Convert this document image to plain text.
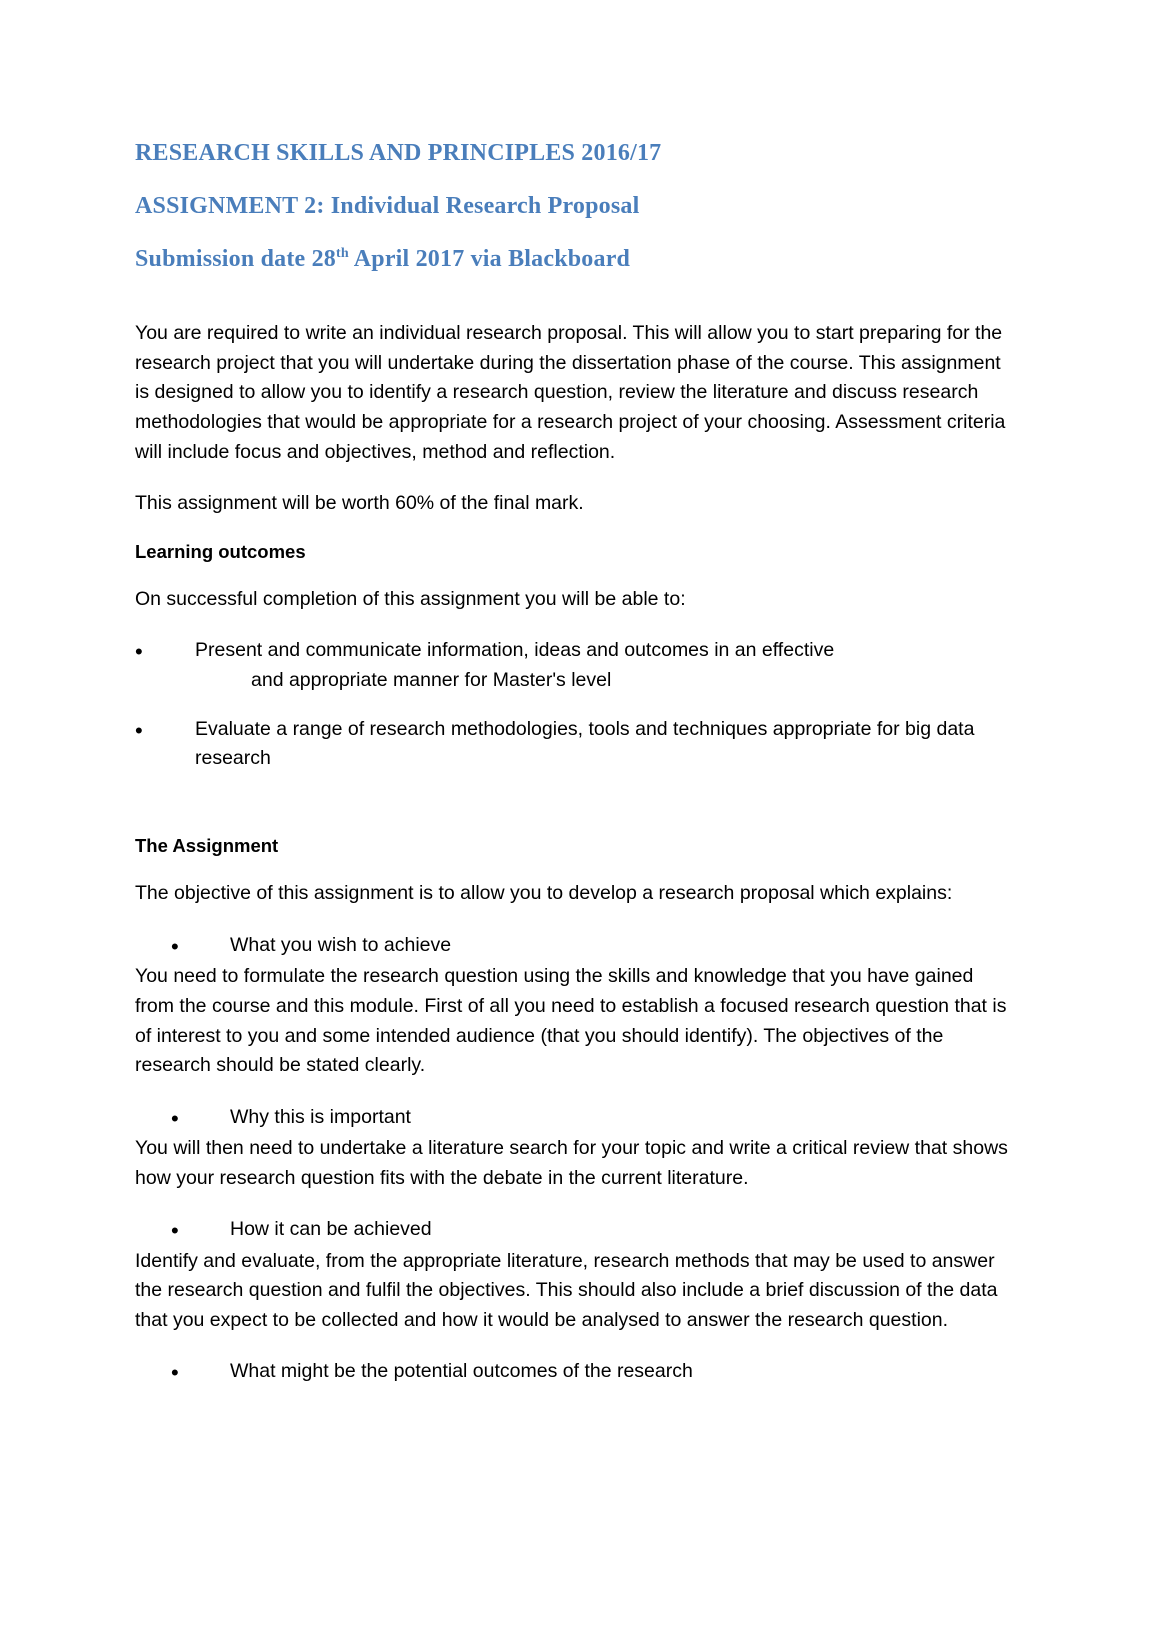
RESEARCH SKILLS AND PRINCIPLES 2016/17
ASSIGNMENT 2: Individual Research Proposal
Submission date 28th April 2017 via Blackboard

You are required to write an individual research proposal. This will allow you to start preparing for the research project that you will undertake during the dissertation phase of the course. This assignment is designed to allow you to identify a research question, review the literature and discuss research methodologies that would be appropriate for a research project of your choosing. Assessment criteria will include focus and objectives, method and reflection.

This assignment will be worth 60% of the final mark.

Learning outcomes

On successful completion of this assignment you will be able to:

• Present and communicate information, ideas and outcomes in an effective
and appropriate manner for Master's level
• Evaluate a range of research methodologies, tools and techniques appropriate for big data research

The Assignment

The objective of this assignment is to allow you to develop a research proposal which explains:

• What you wish to achieve

You need to formulate the research question using the skills and knowledge that you have gained from the course and this module. First of all you need to establish a focused research question that is of interest to you and some intended audience (that you should identify). The objectives of the research should be stated clearly.

• Why this is important

You will then need to undertake a literature search for your topic and write a critical review that shows how your research question fits with the debate in the current literature.

• How it can be achieved

Identify and evaluate, from the appropriate literature, research methods that may be used to answer the research question and fulfil the objectives. This should also include a brief discussion of the data that you expect to be collected and how it would be analysed to answer the research question.

• What might be the potential outcomes of the research
